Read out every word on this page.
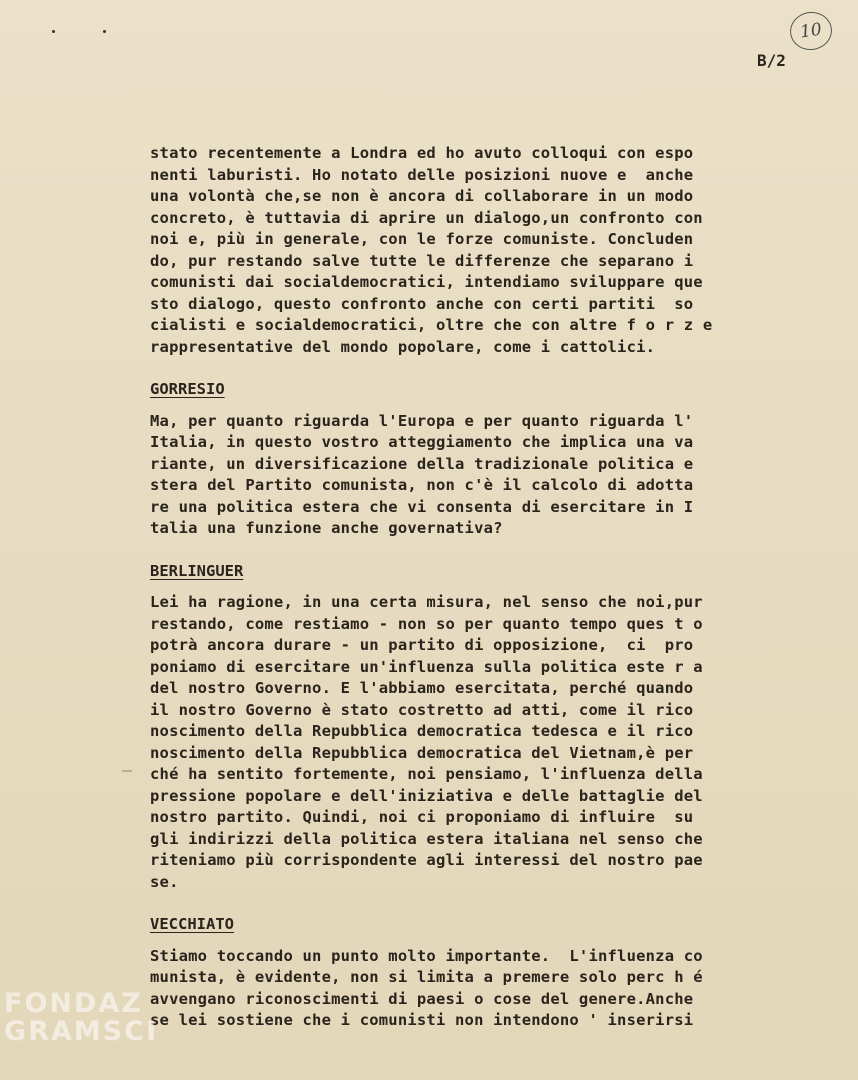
10
B/2
stato recentemente a Londra ed ho avuto colloqui con espo
nenti laburisti. Ho notato delle posizioni nuove e  anche
una volontà che,se non è ancora di collaborare in un modo
concreto, è tuttavia di aprire un dialogo,un confronto con
noi e, più in generale, con le forze comuniste. Concluden
do, pur restando salve tutte le differenze che separano i
comunisti dai socialdemocratici, intendiamo sviluppare que
sto dialogo, questo confronto anche con certi partiti  so
cialisti e socialdemocratici, oltre che con altre f o r z e
rappresentative del mondo popolare, come i cattolici.
GORRESIO
Ma, per quanto riguarda l'Europa e per quanto riguarda l'
Italia, in questo vostro atteggiamento che implica una va
riante, un diversificazione della tradizionale politica e
stera del Partito comunista, non c'è il calcolo di adotta
re una politica estera che vi consenta di esercitare in I
talia una funzione anche governativa?
BERLINGUER
Lei ha ragione, in una certa misura, nel senso che noi,pur
restando, come restiamo - non so per quanto tempo ques t o
potrà ancora durare - un partito di opposizione,  ci  pro
poniamo di esercitare un'influenza sulla politica este r a
del nostro Governo. E l'abbiamo esercitata, perché quando
il nostro Governo è stato costretto ad atti, come il rico
noscimento della Repubblica democratica tedesca e il rico
noscimento della Repubblica democratica del Vietnam,è per
ché ha sentito fortemente, noi pensiamo, l'influenza della
pressione popolare e dell'iniziativa e delle battaglie del
nostro partito. Quindi, noi ci proponiamo di influire  su
gli indirizzi della politica estera italiana nel senso che
riteniamo più corrispondente agli interessi del nostro pae
se.
VECCHIATO
Stiamo toccando un punto molto importante.  L'influenza co
munista, è evidente, non si limita a premere solo perc h é
avvengano riconoscimenti di paesi o cose del genere.Anche
se lei sostiene che i comunisti non intendono ' inserirsi
FONDAZ
GRAMSCI
